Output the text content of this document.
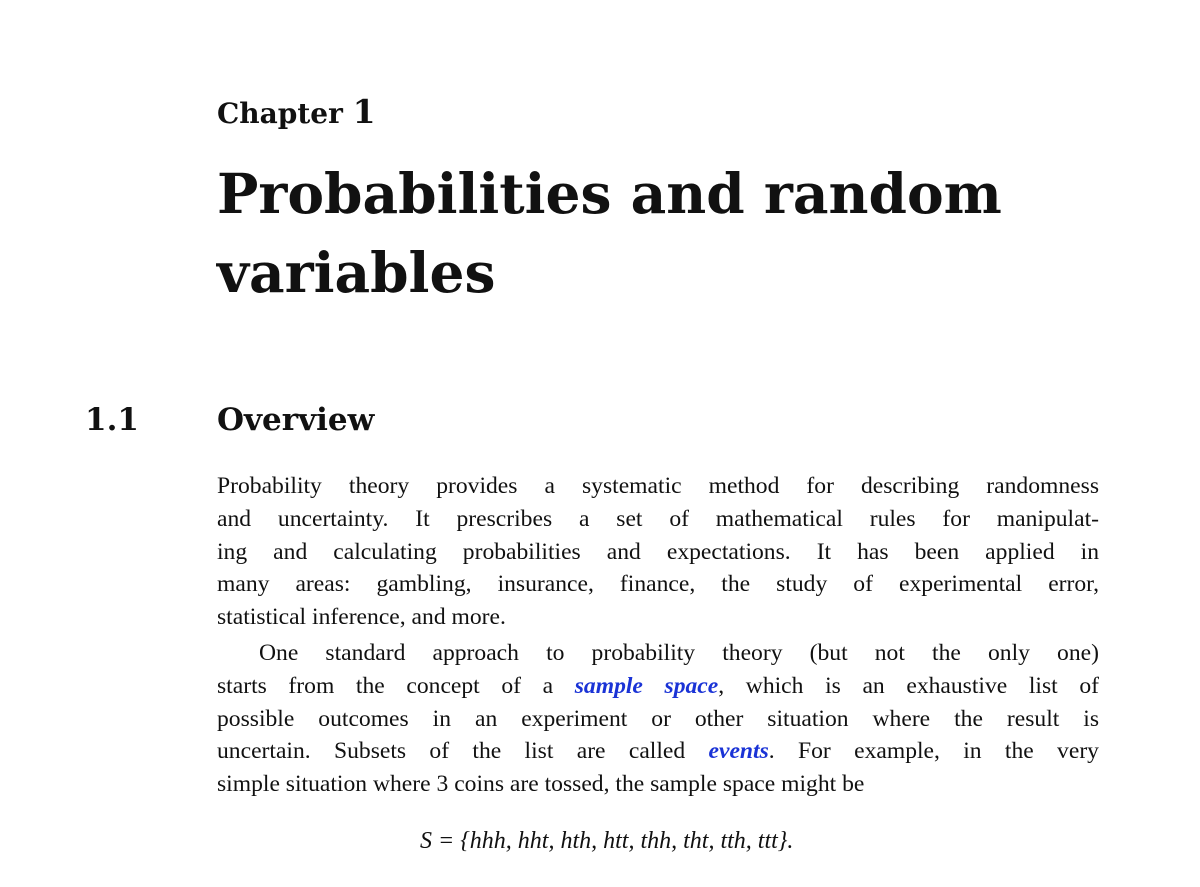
Chapter 1
Probabilities and random
variables
1.1	Overview

Probability theory provides a systematic method for describing randomness
and uncertainty. It prescribes a set of mathematical rules for manipulat-
ing and calculating probabilities and expectations. It has been applied in
many areas: gambling, insurance, finance, the study of experimental error,
statistical inference, and more.

One standard approach to probability theory (but not the only one)
starts from the concept of a sample space, which is an exhaustive list of
possible outcomes in an experiment or other situation where the result is
uncertain. Subsets of the list are called events. For example, in the very
simple situation where 3 coins are tossed, the sample space might be

S = {hhh, hht, hth, htt, thh, tht, tth, ttt}.
